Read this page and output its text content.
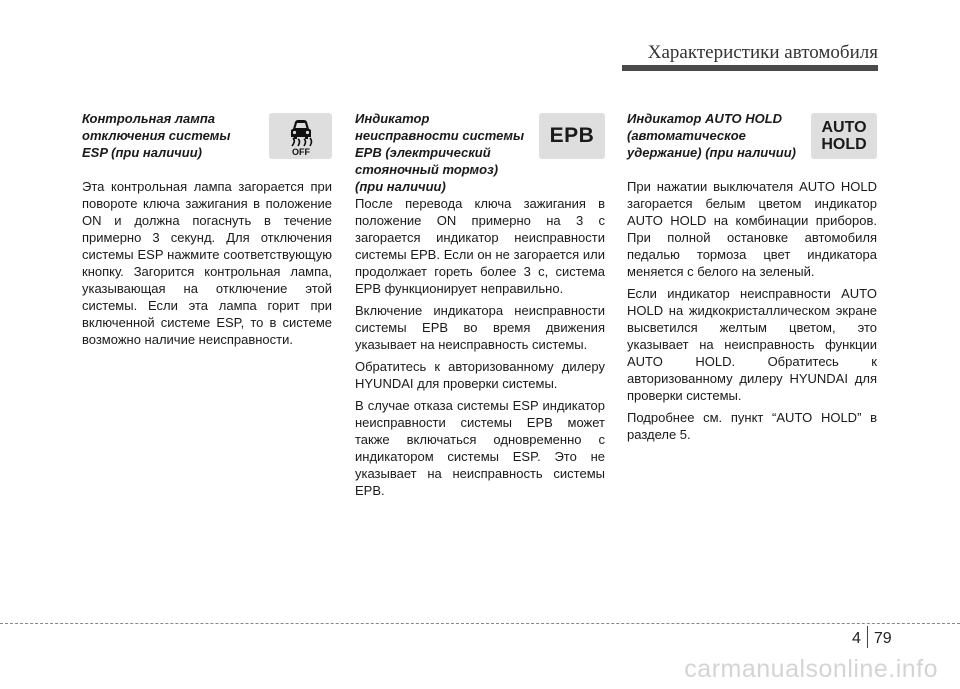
Характеристики автомобиля
Контрольная лампа
отключения системы
ESP (при наличии)	OFF

Эта контрольная лампа загорается при повороте ключа зажигания в положение ON и должна погаснуть в течение примерно 3 секунд. Для отключения системы ESP нажмите соответствующую кнопку. Загорится контрольная лампа, указывающая на отключение этой системы. Если эта лампа горит при включенной системе ESP, то в системе возможно наличие неисправности.

Индикатор
неисправности системы
EPB (электрический
стояночный тормоз)
(при наличии)
EPB

После перевода ключа зажигания в положение ON примерно на 3 с загорается индикатор неисправности системы EPB. Если он не загорается или продолжает гореть более 3 с, система EPB функционирует неправильно.

Включение индикатора неисправности системы EPB во время движения указывает на неисправность системы.

Обратитесь к авторизованному дилеру HYUNDAI для проверки системы.

В случае отказа системы ESP индикатор неисправности системы EPB может также включаться одновременно с индикатором системы ESP. Это не указывает на неисправность системы EPB.

Индикатор AUTO HOLD
(автоматическое
удержание) (при наличии)
AUTO
HOLD

При нажатии выключателя AUTO HOLD загорается белым цветом индикатор AUTO HOLD на комбинации приборов. При полной остановке автомобиля педалью тормоза цвет индикатора меняется с белого на зеленый.

Если индикатор неисправности AUTO HOLD на жидкокристаллическом экране высветился желтым цветом, это указывает на неисправность функции AUTO HOLD. Обратитесь к авторизованному дилеру HYUNDAI для проверки системы.

Подробнее см. пункт “AUTO HOLD” в разделе 5.

4 79
carmanualsonline.info
